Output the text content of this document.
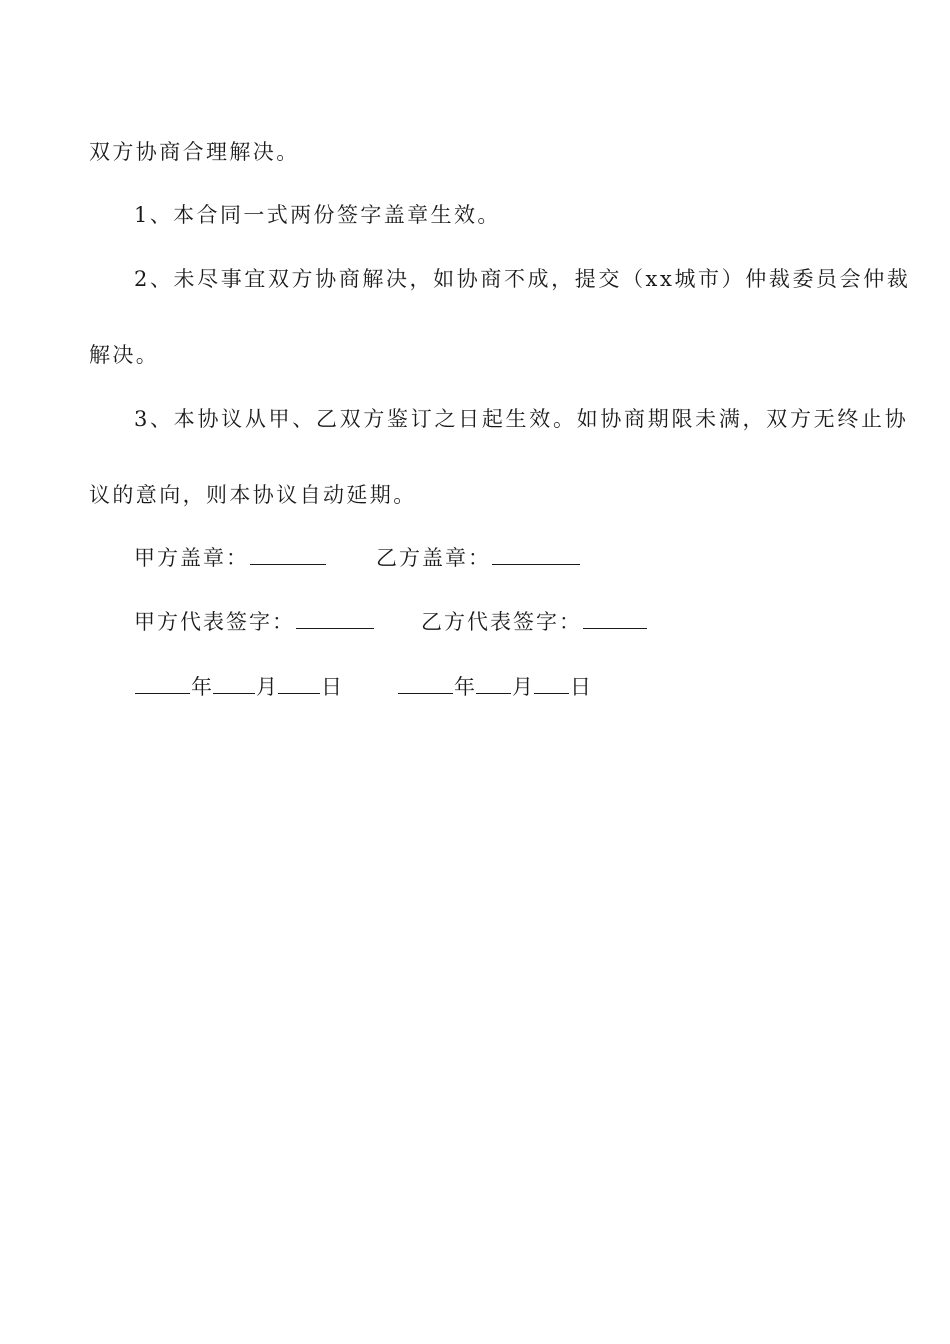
双方协商合理解决。
1、本合同一式两份签字盖章生效。
2、未尽事宜双方协商解决，如协商不成，提交（xx城市）仲裁委员会仲裁
解决。
3、本协议从甲、乙双方鉴订之日起生效。如协商期限未满，双方无终止协
议的意向，则本协议自动延期。
甲方盖章：	乙方盖章：
甲方代表签字：	乙方代表签字：
年 月 日	年 月 日
